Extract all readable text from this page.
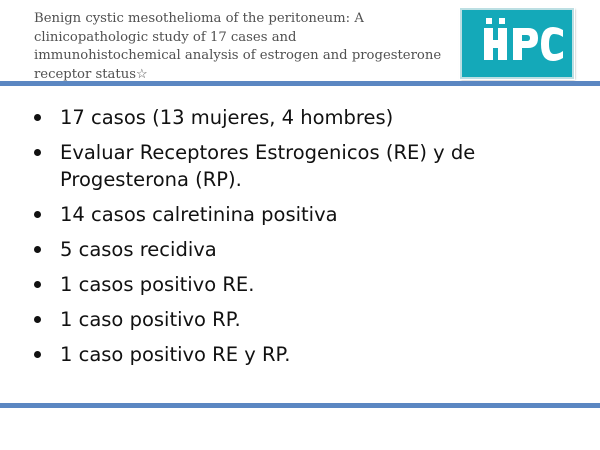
Benign cystic mesothelioma of the peritoneum: A clinicopathologic study of 17 cases and immunohistochemical analysis of estrogen and progesterone receptor status☆
17 casos (13 mujeres, 4 hombres)
Evaluar Receptores Estrogenicos (RE) y de Progesterona (RP).
14 casos calretinina positiva
5 casos recidiva
1 casos positivo RE.
1 caso positivo RP.
1 caso positivo RE y RP.
